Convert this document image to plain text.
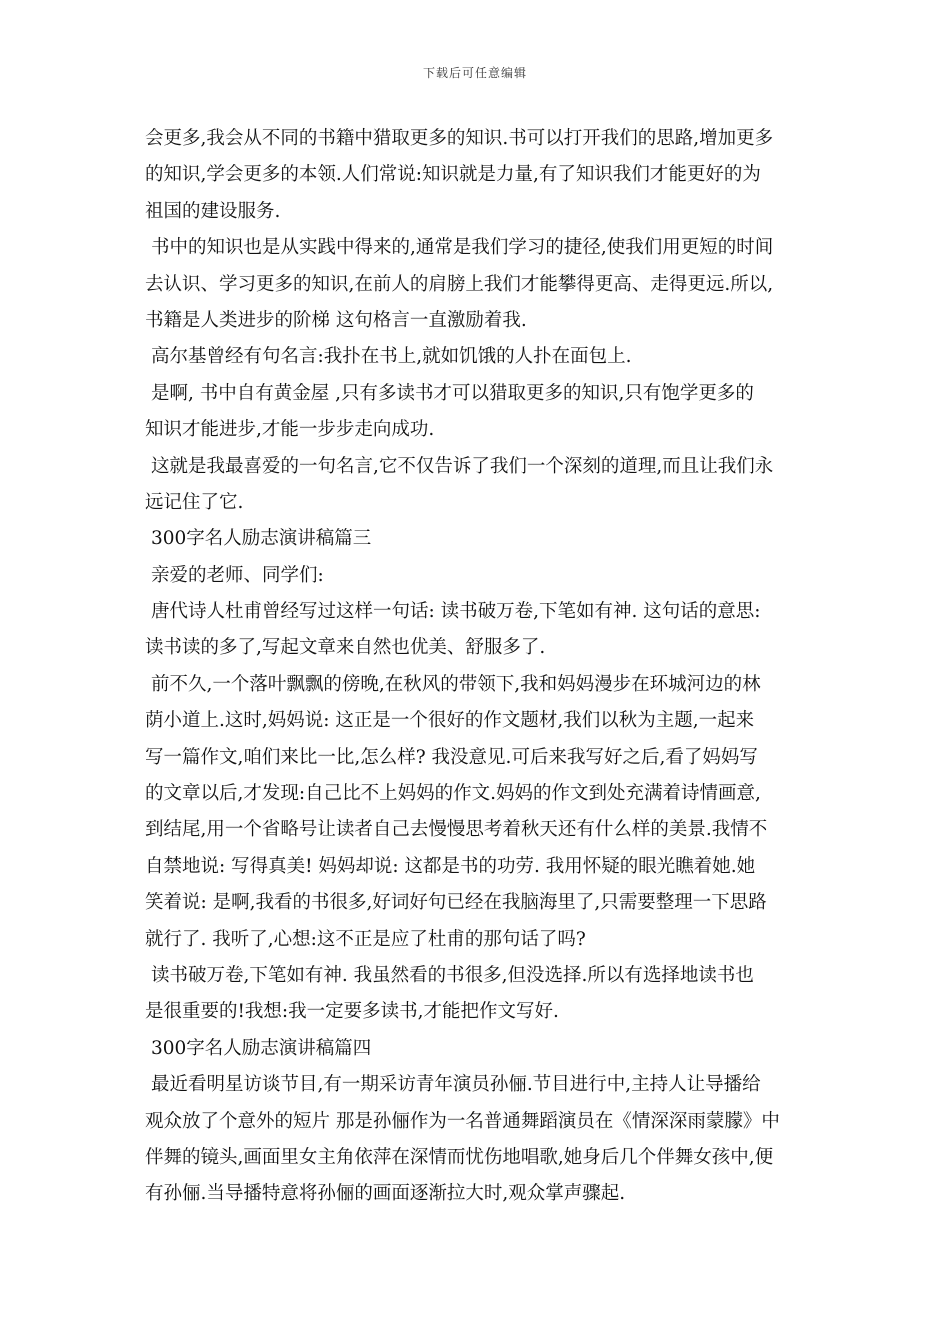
下载后可任意编辑
会更多,我会从不同的书籍中猎取更多的知识.书可以打开我们的思路,增加更多
的知识,学会更多的本领.人们常说:知识就是力量,有了知识我们才能更好的为
祖国的建设服务.
书中的知识也是从实践中得来的,通常是我们学习的捷径,使我们用更短的时间
去认识、学习更多的知识,在前人的肩膀上我们才能攀得更高、走得更远.所以,
书籍是人类进步的阶梯 这句格言一直激励着我.
高尔基曾经有句名言:我扑在书上,就如饥饿的人扑在面包上.
是啊, 书中自有黄金屋 ,只有多读书才可以猎取更多的知识,只有饱学更多的
知识才能进步,才能一步步走向成功.
这就是我最喜爱的一句名言,它不仅告诉了我们一个深刻的道理,而且让我们永
远记住了它.
300字名人励志演讲稿篇三
亲爱的老师、同学们:
唐代诗人杜甫曾经写过这样一句话: 读书破万卷,下笔如有神. 这句话的意思:
读书读的多了,写起文章来自然也优美、舒服多了.
前不久,一个落叶飘飘的傍晚,在秋风的带领下,我和妈妈漫步在环城河边的林
荫小道上.这时,妈妈说: 这正是一个很好的作文题材,我们以秋为主题,一起来
写一篇作文,咱们来比一比,怎么样? 我没意见.可后来我写好之后,看了妈妈写
的文章以后,才发现:自己比不上妈妈的作文.妈妈的作文到处充满着诗情画意,
到结尾,用一个省略号让读者自己去慢慢思考着秋天还有什么样的美景.我情不
自禁地说: 写得真美! 妈妈却说: 这都是书的功劳. 我用怀疑的眼光瞧着她.她
笑着说: 是啊,我看的书很多,好词好句已经在我脑海里了,只需要整理一下思路
就行了. 我听了,心想:这不正是应了杜甫的那句话了吗?
读书破万卷,下笔如有神. 我虽然看的书很多,但没选择.所以有选择地读书也
是很重要的!我想:我一定要多读书,才能把作文写好.
300字名人励志演讲稿篇四
最近看明星访谈节目,有一期采访青年演员孙俪.节目进行中,主持人让导播给
观众放了个意外的短片 那是孙俪作为一名普通舞蹈演员在《情深深雨蒙朦》中
伴舞的镜头,画面里女主角依萍在深情而忧伤地唱歌,她身后几个伴舞女孩中,便
有孙俪.当导播特意将孙俪的画面逐渐拉大时,观众掌声骤起.
